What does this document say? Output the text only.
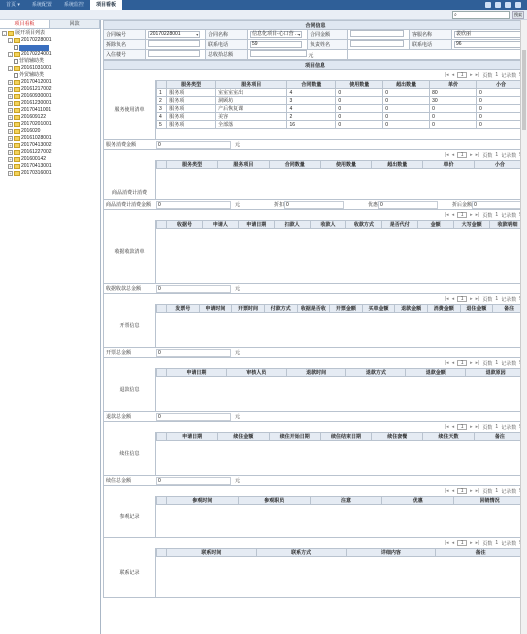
首页 ▾	系统配置	系统监控	项目看板
⌕	搜索
项目看板	回款
-	展开项目列表
-	20170228001
-	20170224001
营销辅助类
-	20161031001
外贸辅助类
+ 20170412001
+ 20161217002
+ 20160930001
+ 20161230001
+ 20170411001
+ 201609122
+ 20170201001
+ 2016020
+ 20161028001
+ 20170413002
+ 20161227002
+ 201600142
+ 20170413001
+ 20170316001
合同信息							
合同编号	20170228001 ▾	合同名称	信息化项目-心口营 ... ▾	合同金额		客服名称	裴欣丽
拆除负名		联系电话	59	负责姓名		联系电话	96
入住楼号		总收拾总额	元				
项目信息
|◂ ◂	1	▸ ▸| 页数 1 记录数
服务使用清单
	服务类型	服务项目	合同数量	使用数量	超出数量	单价	小合
1	服务项	室室室室出	4	0	0	80	0
2	服务项	洞顾坊	3	0	0	30	0
3	服务项	产后恢复课	4	0	0	0	0
4	服务项	美容	2	0	0	0	0
5	服务项	全部落	16	0	0	0	0
服务消费金额	0	元
|◂ ◂	1	▸ ▸| 页数 1 记录数
商品消费计消费
	服务类型	服务项目	合同数量	使用数量	超出数量	单价	小合
商品消费计消费金额	0	元	折扣 0	优惠 0	折后金额 0
|◂ ◂	1	▸ ▸| 页数 1 记录数
收据收款清单
	收据号	申请人	申请日期	扫款人	收款人	收款方式	是否代付	金额	大写金额	收款明细
收据收款总金额	0	元
|◂ ◂	1	▸ ▸| 页数 1 记录数
开票信息
	发票号	申请时间	开票时间	付款方式	收据是否收	开票金额	买单金额	退款金额	消费金额	退住金额	备注
开票总金额	0	元
|◂ ◂	1	▸ ▸| 页数 1 记录数
退款信息
	申请日期	审核人员	退款时间	退款方式	退款金额	退款原因
退款总金额	0	元
|◂ ◂	1	▸ ▸| 页数 1 记录数
续住信息
	申请日期	续住金额	续住开始日期	续住结束日期	续住套餐	续住天数	备注
续住总金额	0	元
|◂ ◂	1	▸ ▸| 页数 1 记录数
参观记录
	参观时间	参观职员	注意	优惠	回销情况
|◂ ◂	1	▸ ▸| 页数 1 记录数
联系记录
	联系时间	联系方式	详细内容	备注
